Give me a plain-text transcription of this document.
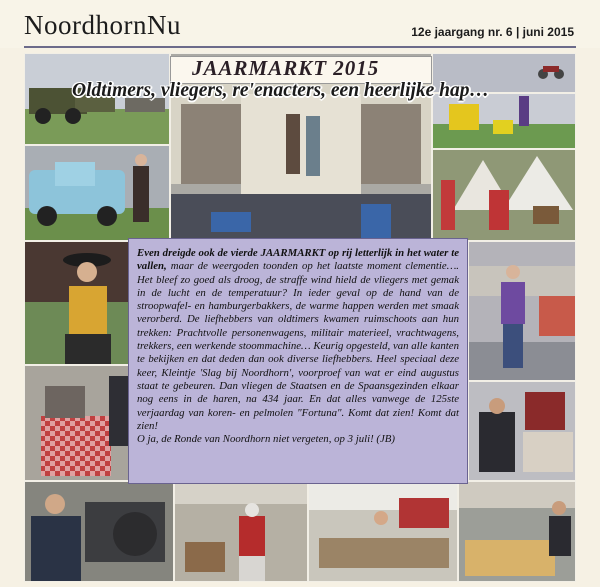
NoordhornNu	12e jaargang nr. 6 | juni 2015
JAARMARKT 2015
Oldtimers, vliegers, re'enacters, een heerlijke hap…

Even dreigde ook de vierde JAARMARKT op rij letterlijk in het water te vallen, maar de weergoden toonden op het laatste moment clementie…. Het bleef zo goed als droog, de straffe wind hield de vliegers met gemak in de lucht en de temperatuur? In ieder geval op de hand van de stroopwafel- en hamburgerbakkers, de warme happen werden met smaak verorberd. De liefhebbers van oldtimers kwamen ruimschoots aan hun trekken: Prachtvolle personenwagens, militair materieel, vrachtwagens, trekkers, een werkende stoommachine… Keurig opgesteld, van alle kanten te bekijken en dat deden dan ook diverse liefhebbers. Heel speciaal deze keer, Kleintje 'Slag bij Noordhorn', voorproef van wat er eind augustus staat te gebeuren. Dan vliegen de Staatsen en de Spaansgezinden elkaar nog eens in de haren, na 434 jaar. En dat alles vanwege de 125ste verjaardag van koren- en pelmolen "Fortuna". Komt dat zien! Komt dat zien!

O ja, de Ronde van Noordhorn niet vergeten, op 3 juli! (JB)
